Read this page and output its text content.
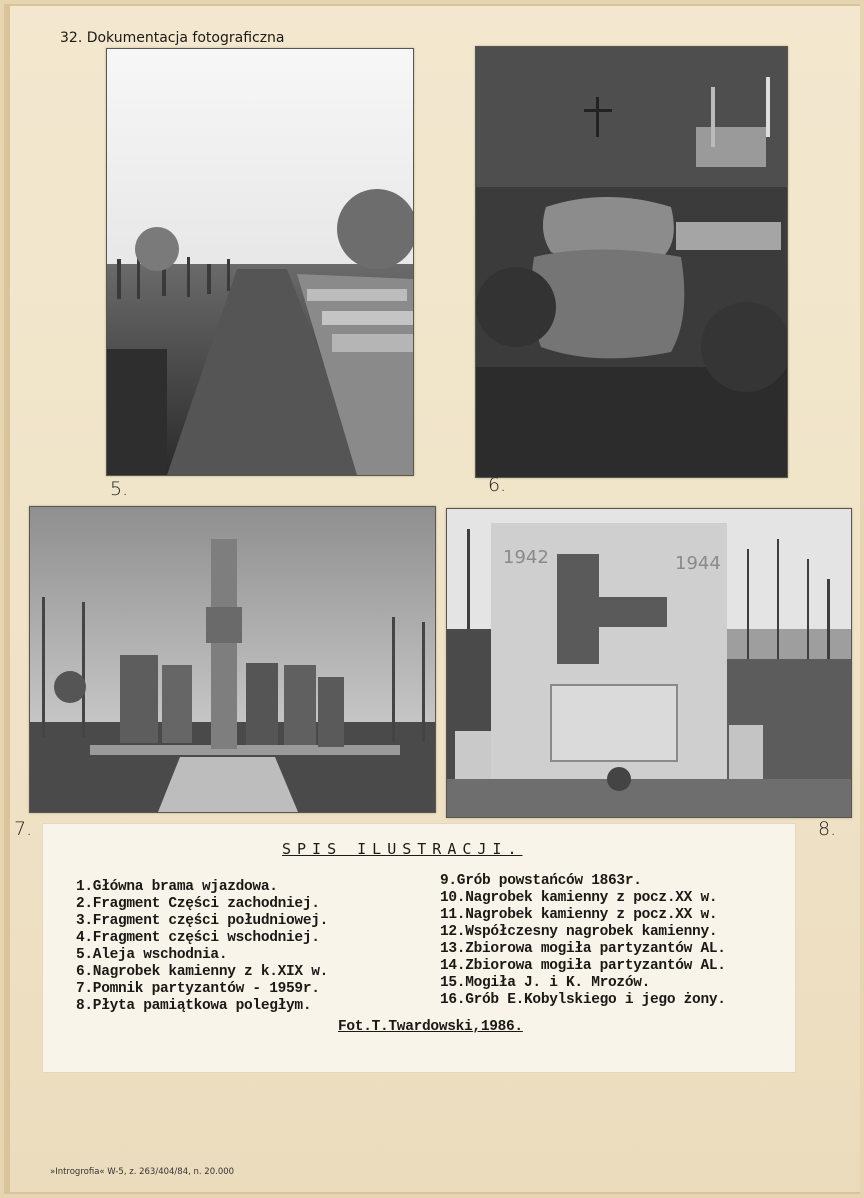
32. Dokumentacja fotograficzna
5.	6.
7.
1942	1944
8.
SPIS ILUSTRACJI.
1.Główna brama wjazdowa.
2.Fragment Części zachodniej.
3.Fragment części południowej.
4.Fragment części wschodniej.
5.Aleja wschodnia.
6.Nagrobek kamienny z k.XIX w.
7.Pomnik partyzantów - 1959r.
8.Płyta pamiątkowa poległym.
9.Grób powstańców 1863r.
10.Nagrobek kamienny z pocz.XX w.
11.Nagrobek kamienny z pocz.XX w.
12.Współczesny nagrobek kamienny.
13.Zbiorowa mogiła partyzantów AL.
14.Zbiorowa mogiła partyzantów AL.
15.Mogiła J. i K. Mrozów.
16.Grób E.Kobylskiego i jego żony.
Fot.T.Twardowski,1986.
»Introgrofia« W-5, z. 263/404/84, n. 20.000
